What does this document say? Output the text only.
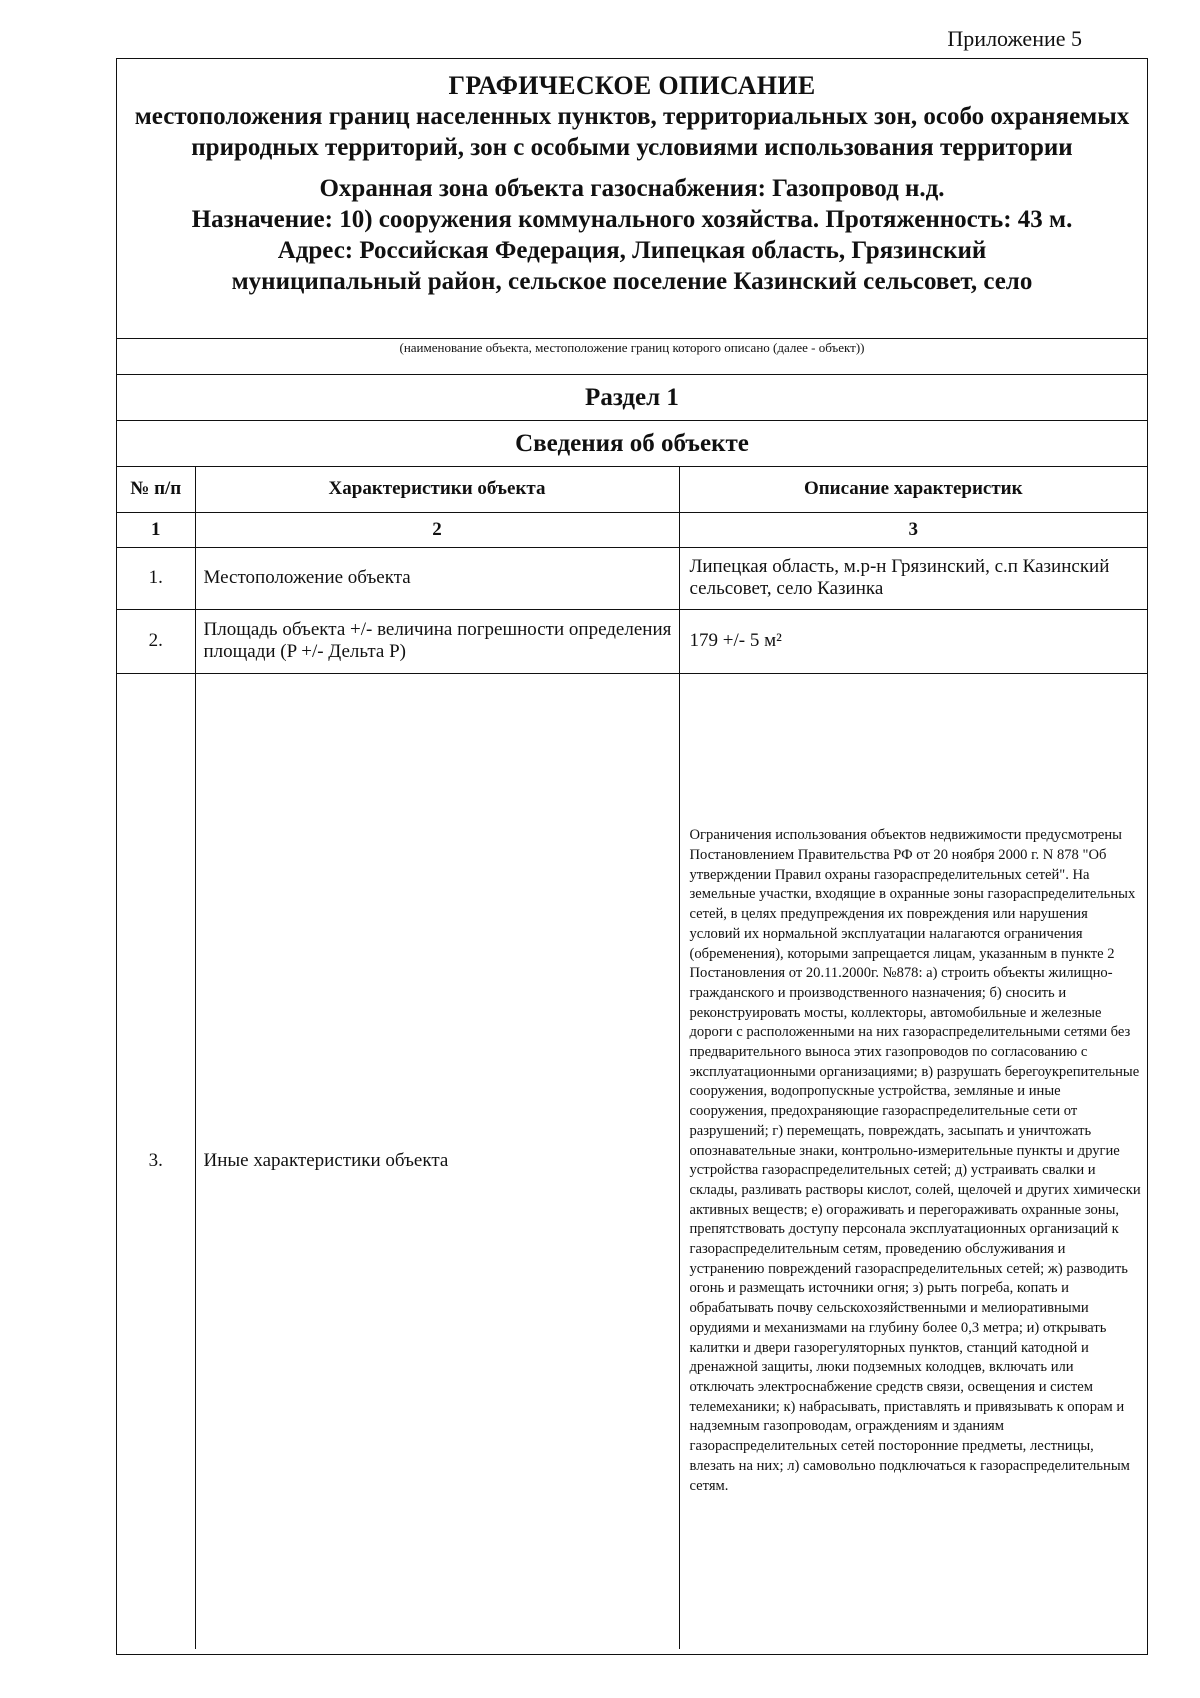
Приложение 5
ГРАФИЧЕСКОЕ ОПИСАНИЕ
местоположения границ населенных пунктов, территориальных зон, особо охраняемых природных территорий, зон с особыми условиями использования территории
Охранная зона объекта газоснабжения: Газопровод н.д.
Назначение: 10) сооружения коммунального хозяйства. Протяженность: 43 м.
Адрес: Российская Федерация, Липецкая область, Грязинский
муниципальный район, сельское поселение Казинский сельсовет, село
(наименование объекта, местоположение границ которого описано (далее - объект))
Раздел 1
Сведения об объекте
№ п/п	Характеристики объекта	Описание характеристик
1	2	3
1.	Местоположение объекта	Липецкая область, м.р-н Грязинский, с.п Казинский сельсовет, село Казинка
2.	Площадь объекта +/- величина погрешности определения площади (P +/- Дельта P)	179 +/- 5 м²
3.	Иные характеристики объекта	Ограничения использования объектов недвижимости предусмотрены Постановлением Правительства РФ от 20 ноября 2000 г. N 878 "Об утверждении Правил охраны газораспределительных сетей". На земельные участки, входящие в охранные зоны газораспределительных сетей, в целях предупреждения их повреждения или нарушения условий их нормальной эксплуатации налагаются ограничения (обременения), которыми запрещается лицам, указанным в пункте 2 Постановления от 20.11.2000г. №878: а) строить объекты жилищно-гражданского и производственного назначения; б) сносить и реконструировать мосты, коллекторы, автомобильные и железные дороги с расположенными на них газораспределительными сетями без предварительного выноса этих газопроводов по согласованию с эксплуатационными организациями; в) разрушать берегоукрепительные сооружения, водопропускные устройства, земляные и иные сооружения, предохраняющие газораспределительные сети от разрушений; г) перемещать, повреждать, засыпать и уничтожать опознавательные знаки, контрольно-измерительные пункты и другие устройства газораспределительных сетей; д) устраивать свалки и склады, разливать растворы кислот, солей, щелочей и других химически активных веществ; е) огораживать и перегораживать охранные зоны, препятствовать доступу персонала эксплуатационных организаций к газораспределительным сетям, проведению обслуживания и устранению повреждений газораспределительных сетей; ж) разводить огонь и размещать источники огня; з) рыть погреба, копать и обрабатывать почву сельскохозяйственными и мелиоративными орудиями и механизмами на глубину более 0,3 метра; и) открывать калитки и двери газорегуляторных пунктов, станций катодной и дренажной защиты, люки подземных колодцев, включать или отключать электроснабжение средств связи, освещения и систем телемеханики; к) набрасывать, приставлять и привязывать к опорам и надземным газопроводам, ограждениям и зданиям газораспределительных сетей посторонние предметы, лестницы, влезать на них; л) самовольно подключаться к газораспределительным сетям.
